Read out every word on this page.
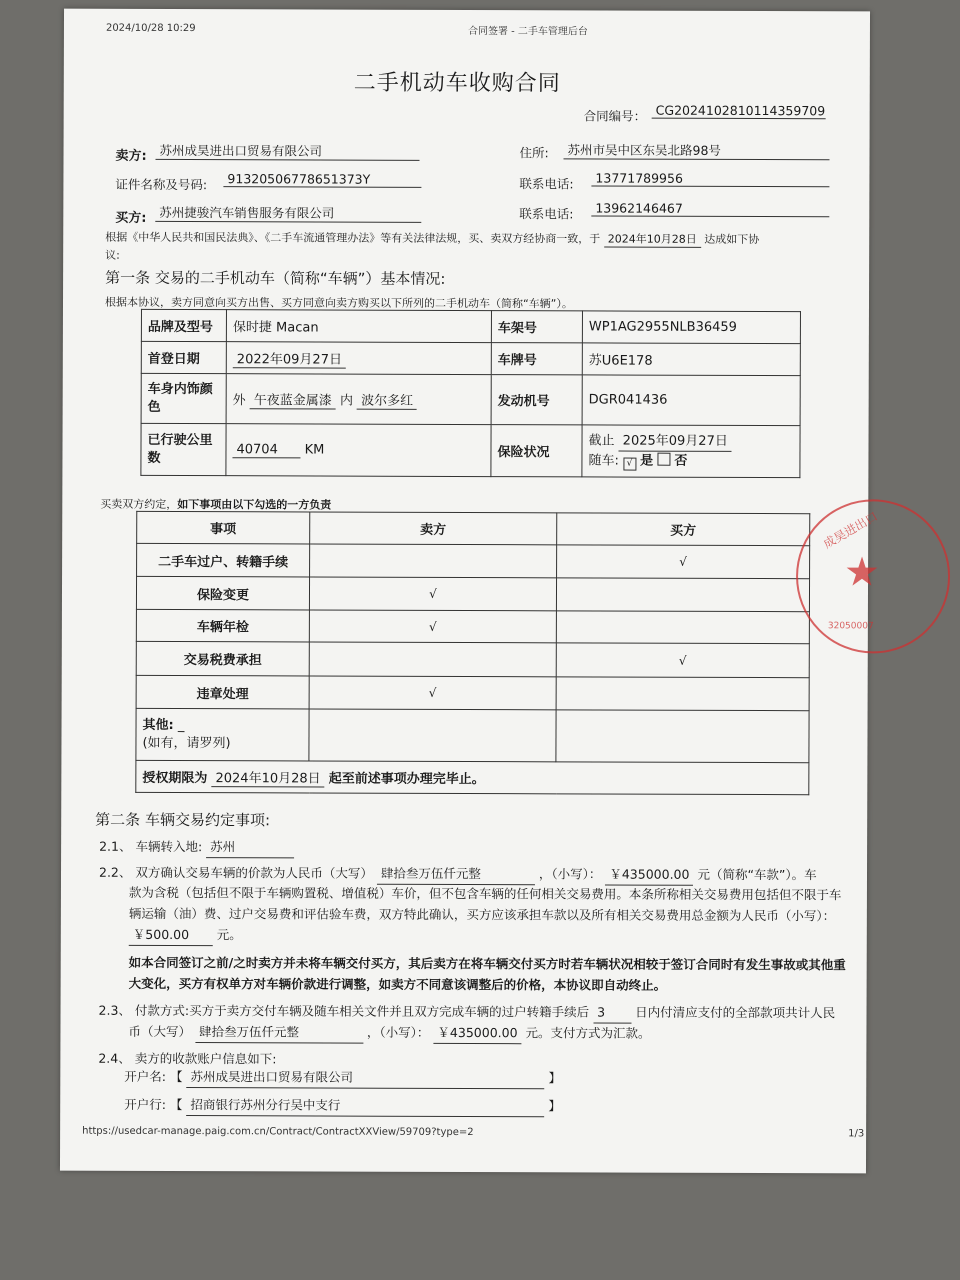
2024/10/28 10:29	合同签署 - 二手车管理后台
二手机动车收购合同
合同编号： CG2024102810114359709
卖方:	苏州成昊进出口贸易有限公司	住所:	苏州市吴中区东吴北路98号
证件名称及号码:	91320506778651373Y	联系电话:	13771789956
买方:	苏州捷骏汽车销售服务有限公司	联系电话:	13962146467
根据《中华人民共和国民法典》、《二手车流通管理办法》等有关法律法规，买、卖双方经协商一致，于 2024年10月28日 达成如下协
议:
第一条 交易的二手机动车（简称“车辆”）基本情况:
根据本协议，卖方同意向买方出售、买方同意向卖方购买以下所列的二手机动车（简称“车辆”）。
品牌及型号	保时捷 Macan	车架号	WP1AG2955NLB36459
首登日期	2022年09月27日	车牌号	苏U6E178
车身内饰颜色	外 午夜蓝金属漆 内 波尔多红	发动机号	DGR041436
已行驶公里数	40704 KM	保险状况	截止 2025年09月27日
随车: √ 是 否
买卖双方约定，如下事项由以下勾选的一方负责
事项	卖方	买方
二手车过户、转籍手续		√
保险变更	√	
车辆年检	√	
交易税费承担		√
违章处理	√	
其他: _
(如有，请罗列)		
授权期限为 2024年10月28日 起至前述事项办理完毕止。		
★
成昊进出口
32050007
第二条 车辆交易约定事项:
2.1、 车辆转入地: 苏州
2.2、 双方确认交易车辆的价款为人民币（大写） 肆拾叁万伍仟元整	，（小写）： ￥435000.00 元（简称“车款”）。车
款为含税（包括但不限于车辆购置税、增值税）车价，但不包含车辆的任何相关交易费用。本条所称相关交易费用包括但不限于车
辆运输（油）费、过户交易费和评估验车费，双方特此确认，买方应该承担车款以及所有相关交易费用总金额为人民币（小写）：
￥500.00 元。
如本合同签订之前/之时卖方并未将车辆交付买方，其后卖方在将车辆交付买方时若车辆状况相较于签订合同时有发生事故或其他重
大变化，买方有权单方对车辆价款进行调整，如卖方不同意该调整后的价格，本协议即自动终止。
2.3、 付款方式:买方于卖方交付车辆及随车相关文件并且双方完成车辆的过户转籍手续后 3 日内付清应支付的全部款项共计人民
币（大写） 肆拾叁万伍仟元整	，（小写）： ￥435000.00 元。支付方式为汇款。
2.4、 卖方的收款账户信息如下:
开户名: 【 苏州成昊进出口贸易有限公司	】
开户行: 【 招商银行苏州分行吴中支行	】
https://usedcar-manage.paig.com.cn/Contract/ContractXXView/59709?type=2	1/3
